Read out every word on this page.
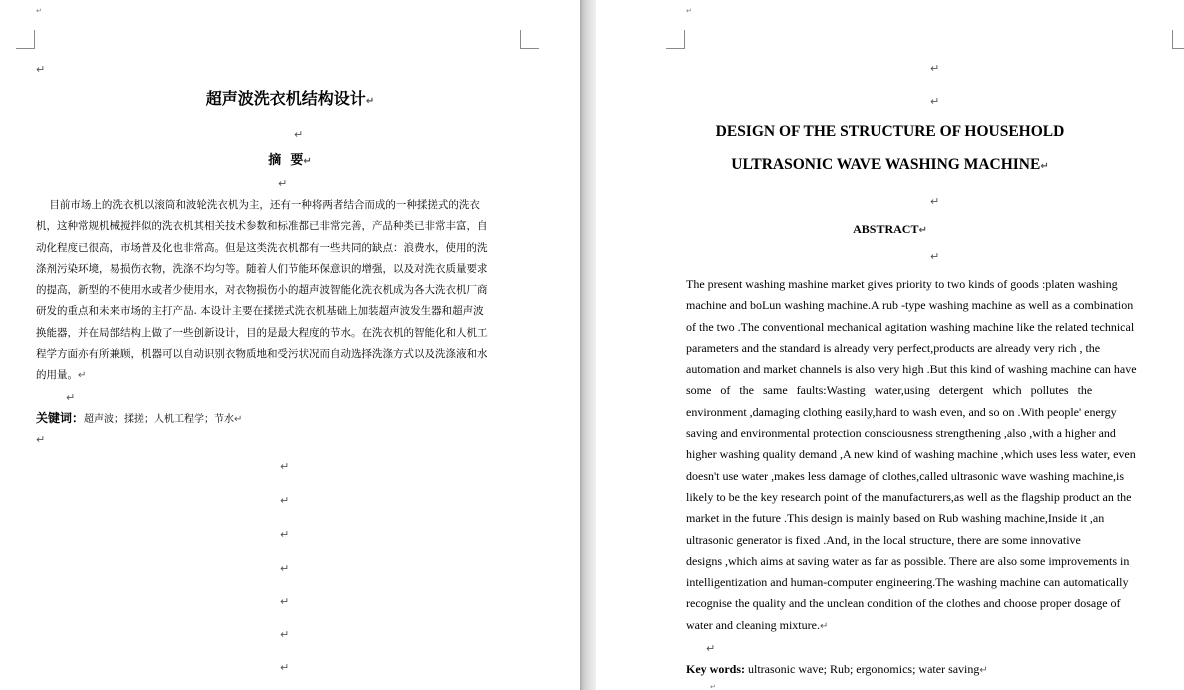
↵
↵
超声波洗衣机结构设计↵
↵
摘  要↵
↵
目前市场上的洗衣机以滚筒和波轮洗衣机为主，还有一种将两者结合而成的一种揉搓式的洗衣
机，这种常规机械搅拌似的洗衣机其相关技术参数和标准都已非常完善，产品种类已非常丰富，自
动化程度已很高，市场普及化也非常高。但是这类洗衣机都有一些共同的缺点：浪费水，使用的洗
涤剂污染环境，易损伤衣物，洗涤不均匀等。随着人们节能环保意识的增强，以及对洗衣质量要求
的提高，新型的不使用水或者少使用水，对衣物损伤小的超声波智能化洗衣机成为各大洗衣机厂商
研发的重点和未来市场的主打产品. 本设计主要在揉搓式洗衣机基础上加装超声波发生器和超声波
换能器，并在局部结构上做了一些创新设计，目的是最大程度的节水。在洗衣机的智能化和人机工
程学方面亦有所兼顾，机器可以自动识别衣物质地和受污状况而自动选择洗涤方式以及洗涤液和水
的用量。↵
↵
关键词：超声波；揉搓；人机工程学；节水↵
↵
↵
↵
↵
↵
↵
↵
↵
↵
↵
↵
DESIGN OF THE STRUCTURE OF HOUSEHOLD
ULTRASONIC WAVE WASHING MACHINE↵
↵
ABSTRACT↵
↵
The present washing mashine market gives priority to two kinds of goods :platen washing
machine and boLun washing machine.A rub -type washing machine as well as a combination
of the two .The conventional mechanical agitation washing machine like the related technical
parameters and the standard is already very perfect,products are already very rich , the
automation and market channels is also very high .But this kind of washing machine can have
some   of   the   same   faults:Wasting   water,using   detergent   which   pollutes   the
environment ,damaging clothing easily,hard to wash even, and so on .With people' energy
saving and environmental protection consciousness strengthening ,also ,with a higher and
higher washing quality demand ,A new kind of washing machine ,which uses less water, even
doesn't use water ,makes less damage of clothes,called ultrasonic wave washing machine,is
likely to be the key research point of the manufacturers,as well as the flagship product an the
market in the future .This design is mainly based on Rub washing machine,Inside it ,an
ultrasonic generator is fixed .And, in the local structure, there are some innovative
designs ,which aims at saving water as far as possible. There are also some improvements in
intelligentization and human-computer engineering.The washing machine can automatically
recognise the quality and the unclean condition of the clothes and choose proper dosage of
water and cleaning mixture.↵
↵
Key words: ultrasonic wave; Rub; ergonomics; water saving↵
↵
